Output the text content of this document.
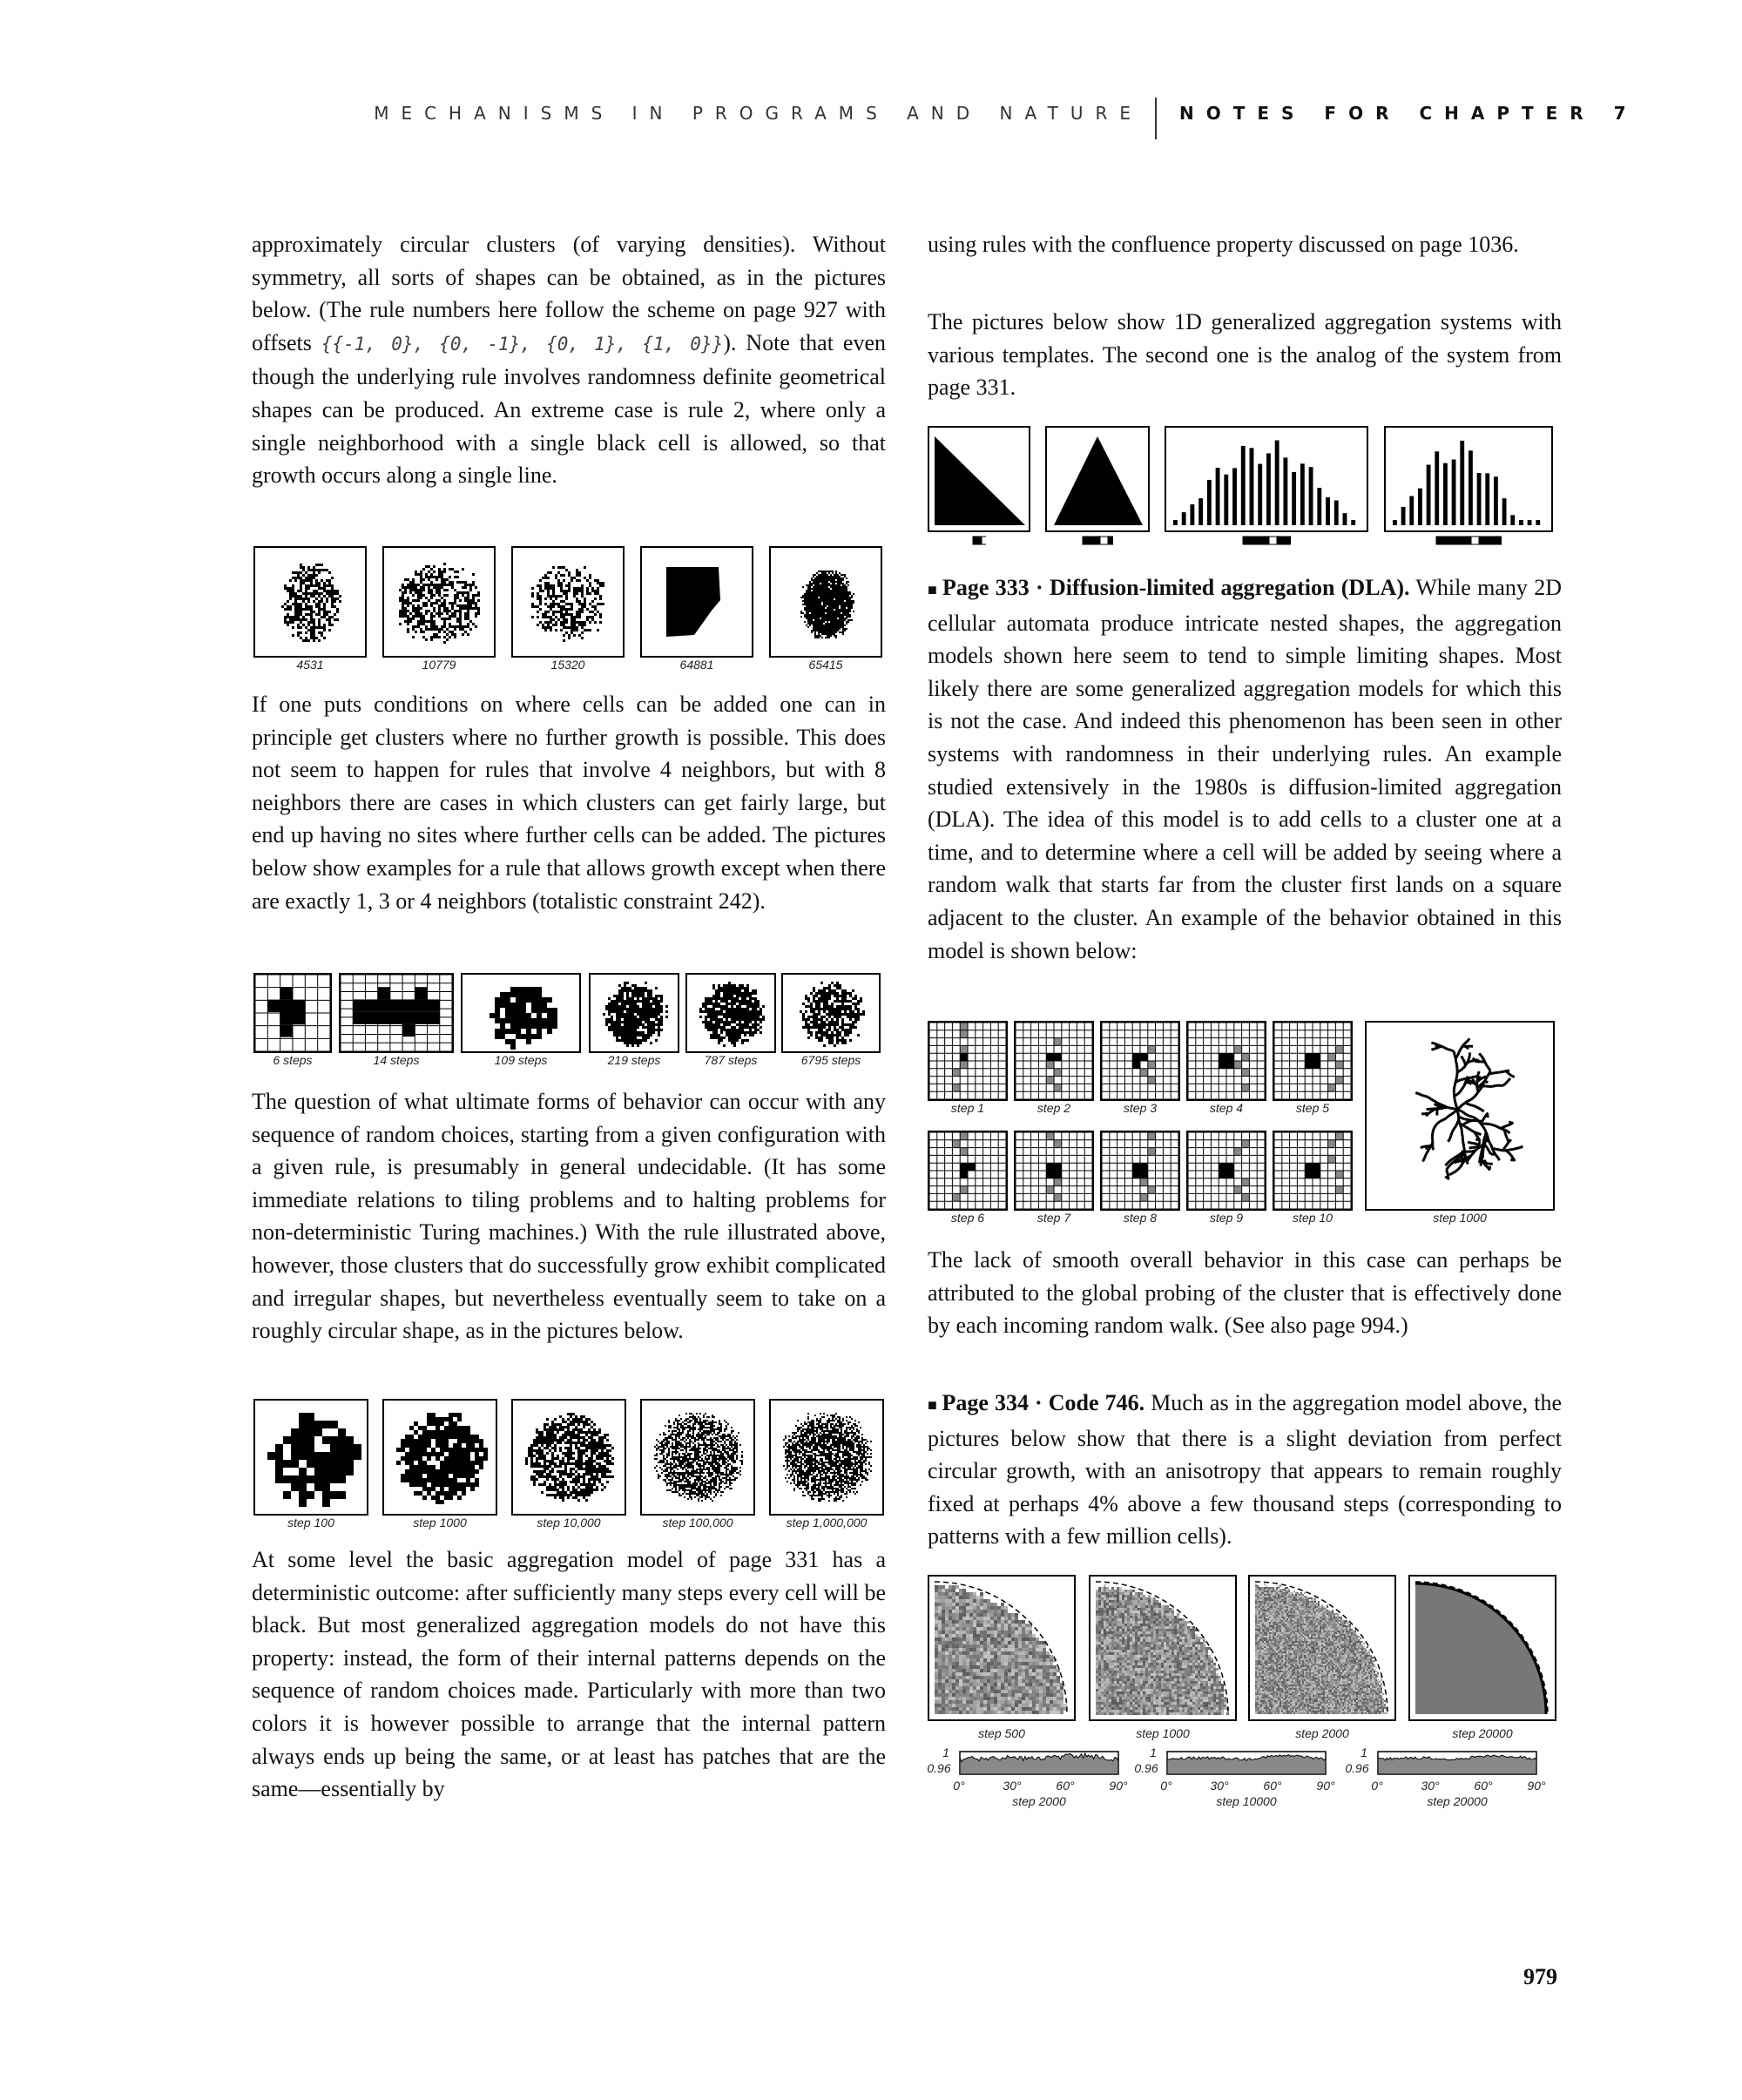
MECHANISMS IN PROGRAMS AND NATURE NOTES FOR CHAPTER 7

approximately circular clusters (of varying densities). Without symmetry, all sorts of shapes can be obtained, as in the pictures below. (The rule numbers here follow the scheme on page 927 with offsets {{-1, 0}, {0, -1}, {0, 1}, {1, 0}}). Note that even though the underlying rule involves randomness definite geometrical shapes can be produced. An extreme case is rule 2, where only a single neighborhood with a single black cell is allowed, so that growth occurs along a single line.

4531	10779	15320	64881	65415

If one puts conditions on where cells can be added one can in principle get clusters where no further growth is possible. This does not seem to happen for rules that involve 4 neighbors, but with 8 neighbors there are cases in which clusters can get fairly large, but end up having no sites where further cells can be added. The pictures below show examples for a rule that allows growth except when there are exactly 1, 3 or 4 neighbors (totalistic constraint 242).

6 steps	14 steps	109 steps	219 steps	787 steps	6795 steps

The question of what ultimate forms of behavior can occur with any sequence of random choices, starting from a given configuration with a given rule, is presumably in general undecidable. (It has some immediate relations to tiling problems and to halting problems for non-deterministic Turing machines.) With the rule illustrated above, however, those clusters that do successfully grow exhibit complicated and irregular shapes, but nevertheless eventually seem to take on a roughly circular shape, as in the pictures below.

step 100	step 1000	step 10,000	step 100,000	step 1,000,000

At some level the basic aggregation model of page 331 has a deterministic outcome: after sufficiently many steps every cell will be black. But most generalized aggregation models do not have this property: instead, the form of their internal patterns depends on the sequence of random choices made. Particularly with more than two colors it is however possible to arrange that the internal pattern always ends up being the same, or at least has patches that are the same—essentially by

using rules with the confluence property discussed on page 1036.

The pictures below show 1D generalized aggregation systems with various templates. The second one is the analog of the system from page 331.

■ Page 333 · Diffusion-limited aggregation (DLA). While many 2D cellular automata produce intricate nested shapes, the aggregation models shown here seem to tend to simple limiting shapes. Most likely there are some generalized aggregation models for which this is not the case. And indeed this phenomenon has been seen in other systems with randomness in their underlying rules. An example studied extensively in the 1980s is diffusion-limited aggregation (DLA). The idea of this model is to add cells to a cluster one at a time, and to determine where a cell will be added by seeing where a random walk that starts far from the cluster first lands on a square adjacent to the cluster. An example of the behavior obtained in this model is shown below:

step 1	step 2	step 3	step 4	step 5
step 6	step 7	step 8	step 9	step 10	step 1000

The lack of smooth overall behavior in this case can perhaps be attributed to the global probing of the cluster that is effectively done by each incoming random walk. (See also page 994.)

■ Page 334 · Code 746. Much as in the aggregation model above, the pictures below show that there is a slight deviation from perfect circular growth, with an anisotropy that appears to remain roughly fixed at perhaps 4% above a few thousand steps (corresponding to patterns with a few million cells).

step 500	step 1000	step 2000	step 20000
1
0.96
0°	30°	60°	90°
step 2000
1
0.96
0°	30°	60°	90°
step 10000
1
0.96
0°	30°	60°	90°
step 20000
979
